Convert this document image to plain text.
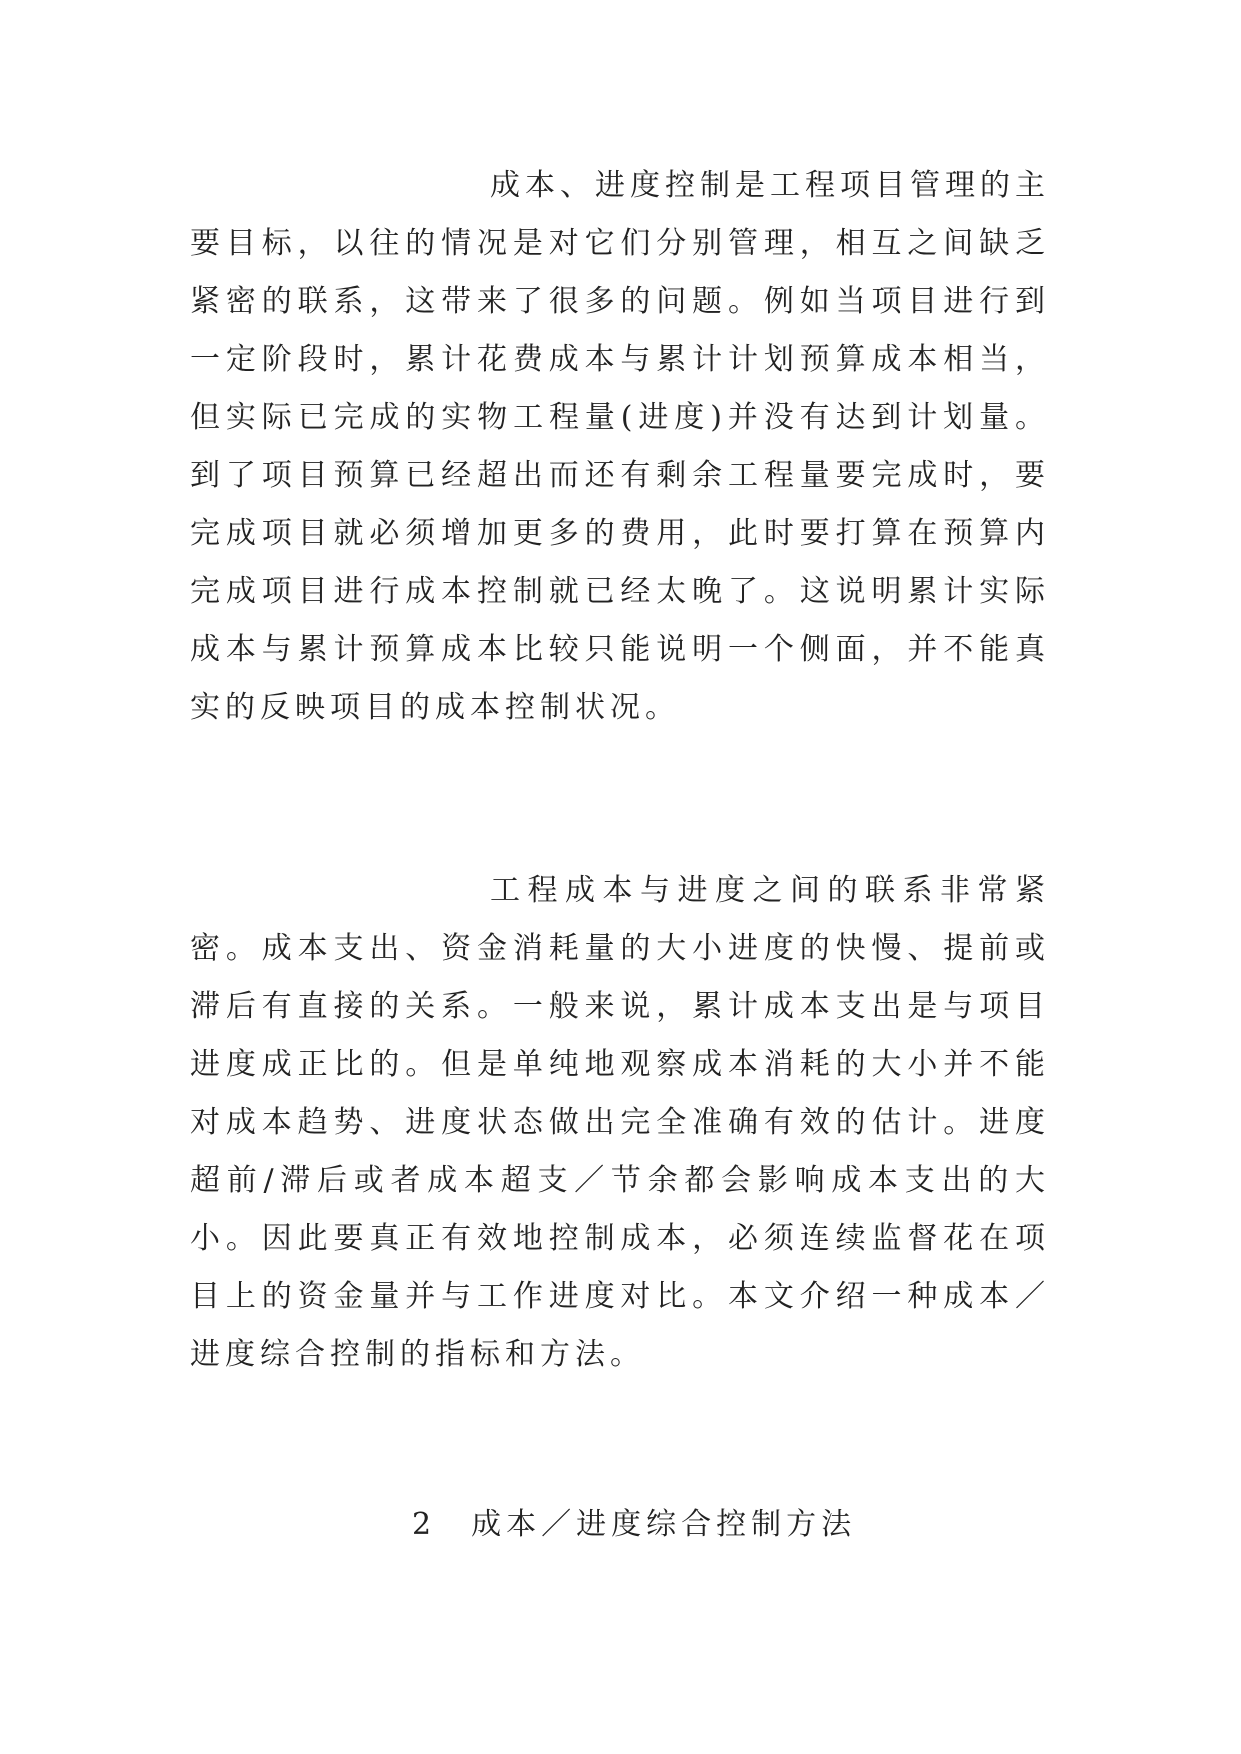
成本、进度控制是工程项目管理的主要目标，以往的情况是对它们分别管理，相互之间缺乏紧密的联系，这带来了很多的问题。例如当项目进行到一定阶段时，累计花费成本与累计计划预算成本相当，但实际已完成的实物工程量(进度)并没有达到计划量。到了项目预算已经超出而还有剩余工程量要完成时，要完成项目就必须增加更多的费用，此时要打算在预算内完成项目进行成本控制就已经太晚了。这说明累计实际成本与累计预算成本比较只能说明一个侧面，并不能真实的反映项目的成本控制状况。

工程成本与进度之间的联系非常紧密。成本支出、资金消耗量的大小进度的快慢、提前或滞后有直接的关系。一般来说，累计成本支出是与项目进度成正比的。但是单纯地观察成本消耗的大小并不能对成本趋势、进度状态做出完全准确有效的估计。进度超前/滞后或者成本超支／节余都会影响成本支出的大小。因此要真正有效地控制成本，必须连续监督花在项目上的资金量并与工作进度对比。本文介绍一种成本／进度综合控制的指标和方法。

2　成本／进度综合控制方法
